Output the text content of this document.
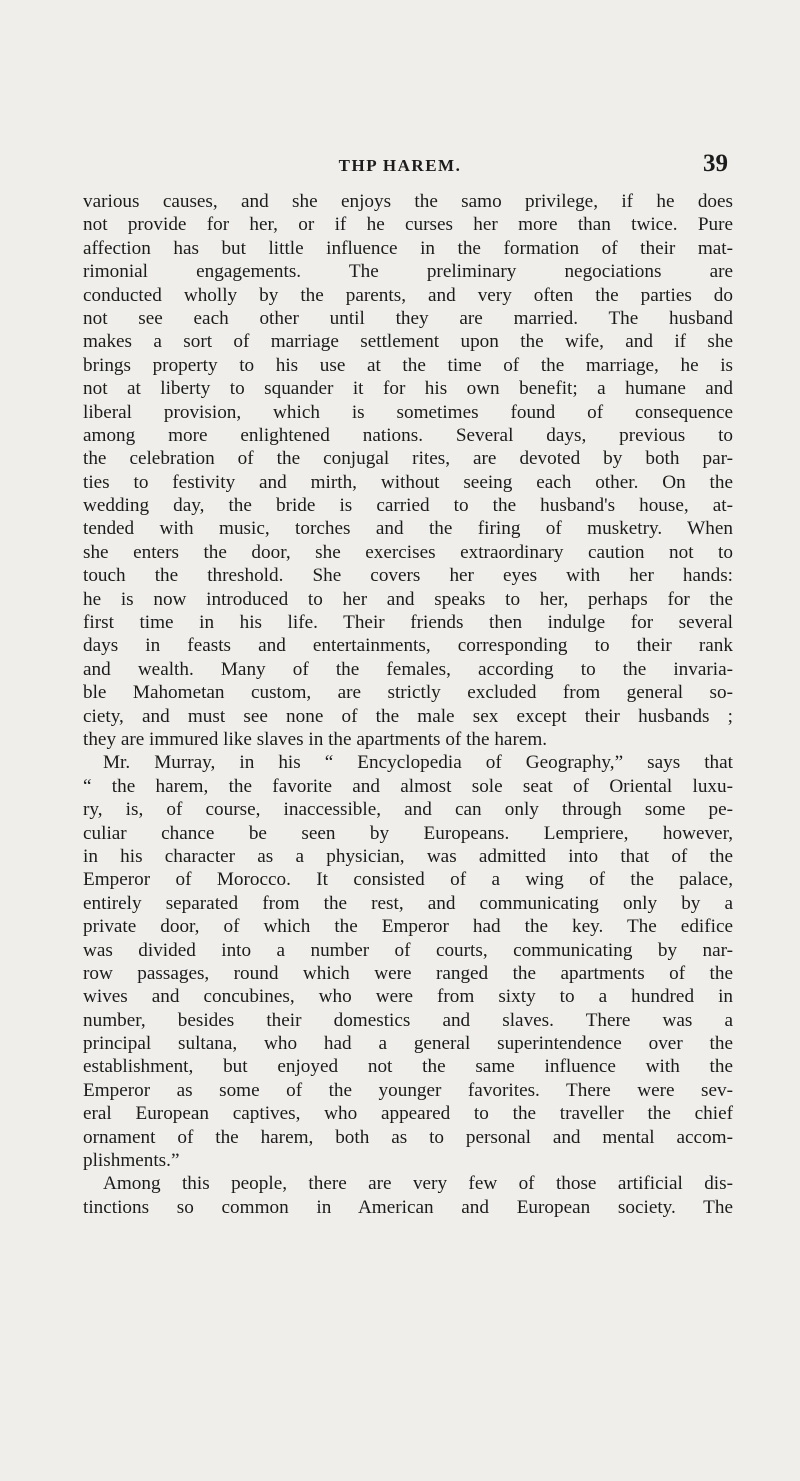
THP HAREM.	39
various causes, and she enjoys the samo privilege, if he does
not provide for her, or if he curses her more than twice. Pure
affection has but little influence in the formation of their mat-
rimonial engagements. The preliminary negociations are
conducted wholly by the parents, and very often the parties do
not see each other until they are married. The husband
makes a sort of marriage settlement upon the wife, and if she
brings property to his use at the time of the marriage, he is
not at liberty to squander it for his own benefit; a humane and
liberal provision, which is sometimes found of consequence
among more enlightened nations. Several days, previous to
the celebration of the conjugal rites, are devoted by both par-
ties to festivity and mirth, without seeing each other. On the
wedding day, the bride is carried to the husband's house, at-
tended with music, torches and the firing of musketry. When
she enters the door, she exercises extraordinary caution not to
touch the threshold. She covers her eyes with her hands:
he is now introduced to her and speaks to her, perhaps for the
first time in his life. Their friends then indulge for several
days in feasts and entertainments, corresponding to their rank
and wealth. Many of the females, according to the invaria-
ble Mahometan custom, are strictly excluded from general so-
ciety, and must see none of the male sex except their husbands ;
they are immured like slaves in the apartments of the harem.
Mr. Murray, in his “ Encyclopedia of Geography,” says that
“ the harem, the favorite and almost sole seat of Oriental luxu-
ry, is, of course, inaccessible, and can only through some pe-
culiar chance be seen by Europeans. Lempriere, however,
in his character as a physician, was admitted into that of the
Emperor of Morocco. It consisted of a wing of the palace,
entirely separated from the rest, and communicating only by a
private door, of which the Emperor had the key. The edifice
was divided into a number of courts, communicating by nar-
row passages, round which were ranged the apartments of the
wives and concubines, who were from sixty to a hundred in
number, besides their domestics and slaves. There was a
principal sultana, who had a general superintendence over the
establishment, but enjoyed not the same influence with the
Emperor as some of the younger favorites. There were sev-
eral European captives, who appeared to the traveller the chief
ornament of the harem, both as to personal and mental accom-
plishments.”
Among this people, there are very few of those artificial dis-
tinctions so common in American and European society. The
